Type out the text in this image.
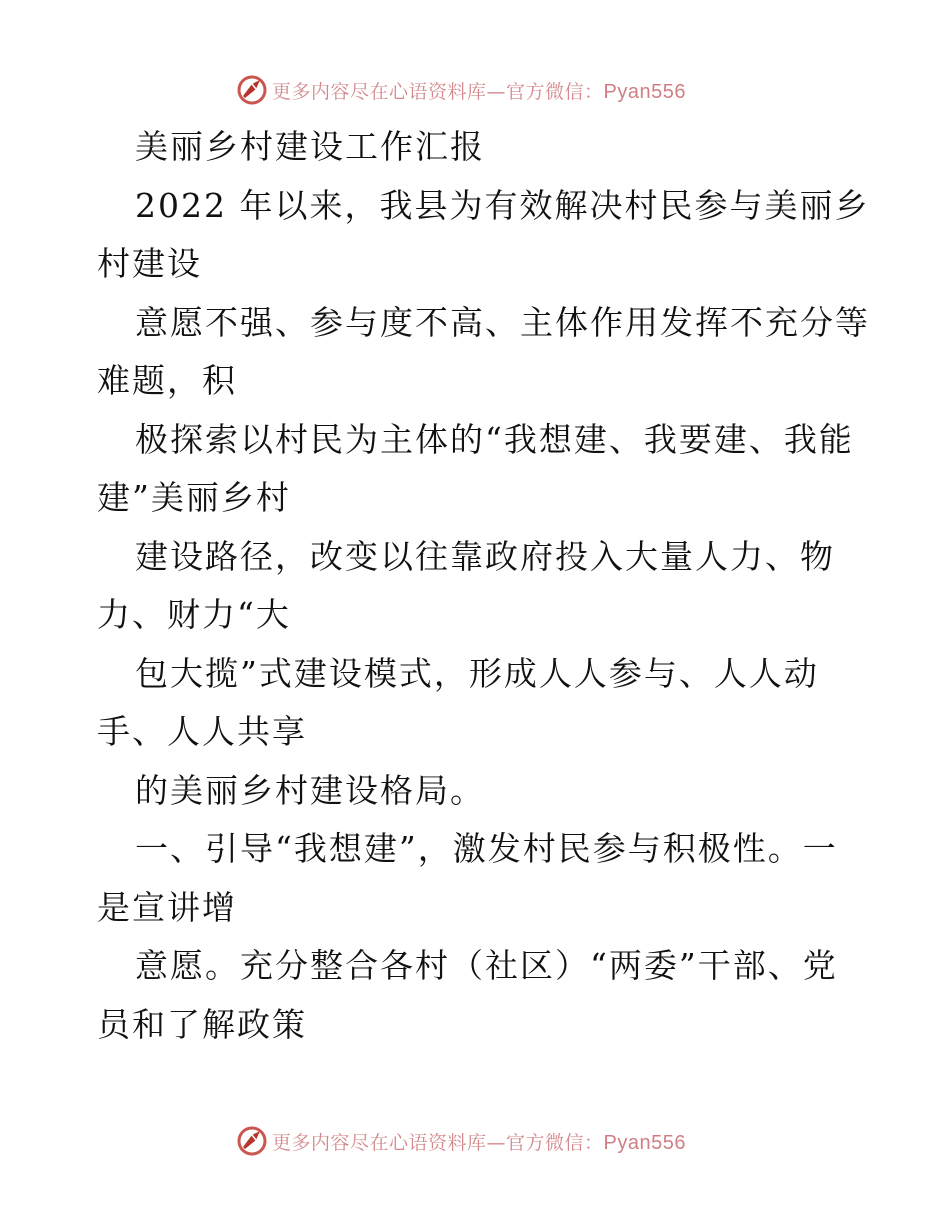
更多内容尽在心语资料库—官方微信：Pyan556
美丽乡村建设工作汇报
2022 年以来，我县为有效解决村民参与美丽乡
村建设
意愿不强、参与度不高、主体作用发挥不充分等
难题，积
极探索以村民为主体的“我想建、我要建、我能
建”美丽乡村
建设路径，改变以往靠政府投入大量人力、物
力、财力“大
包大揽”式建设模式，形成人人参与、人人动
手、人人共享
的美丽乡村建设格局。
一、引导“我想建”，激发村民参与积极性。一
是宣讲增
意愿。充分整合各村（社区）“两委”干部、党
员和了解政策
更多内容尽在心语资料库—官方微信：Pyan556
